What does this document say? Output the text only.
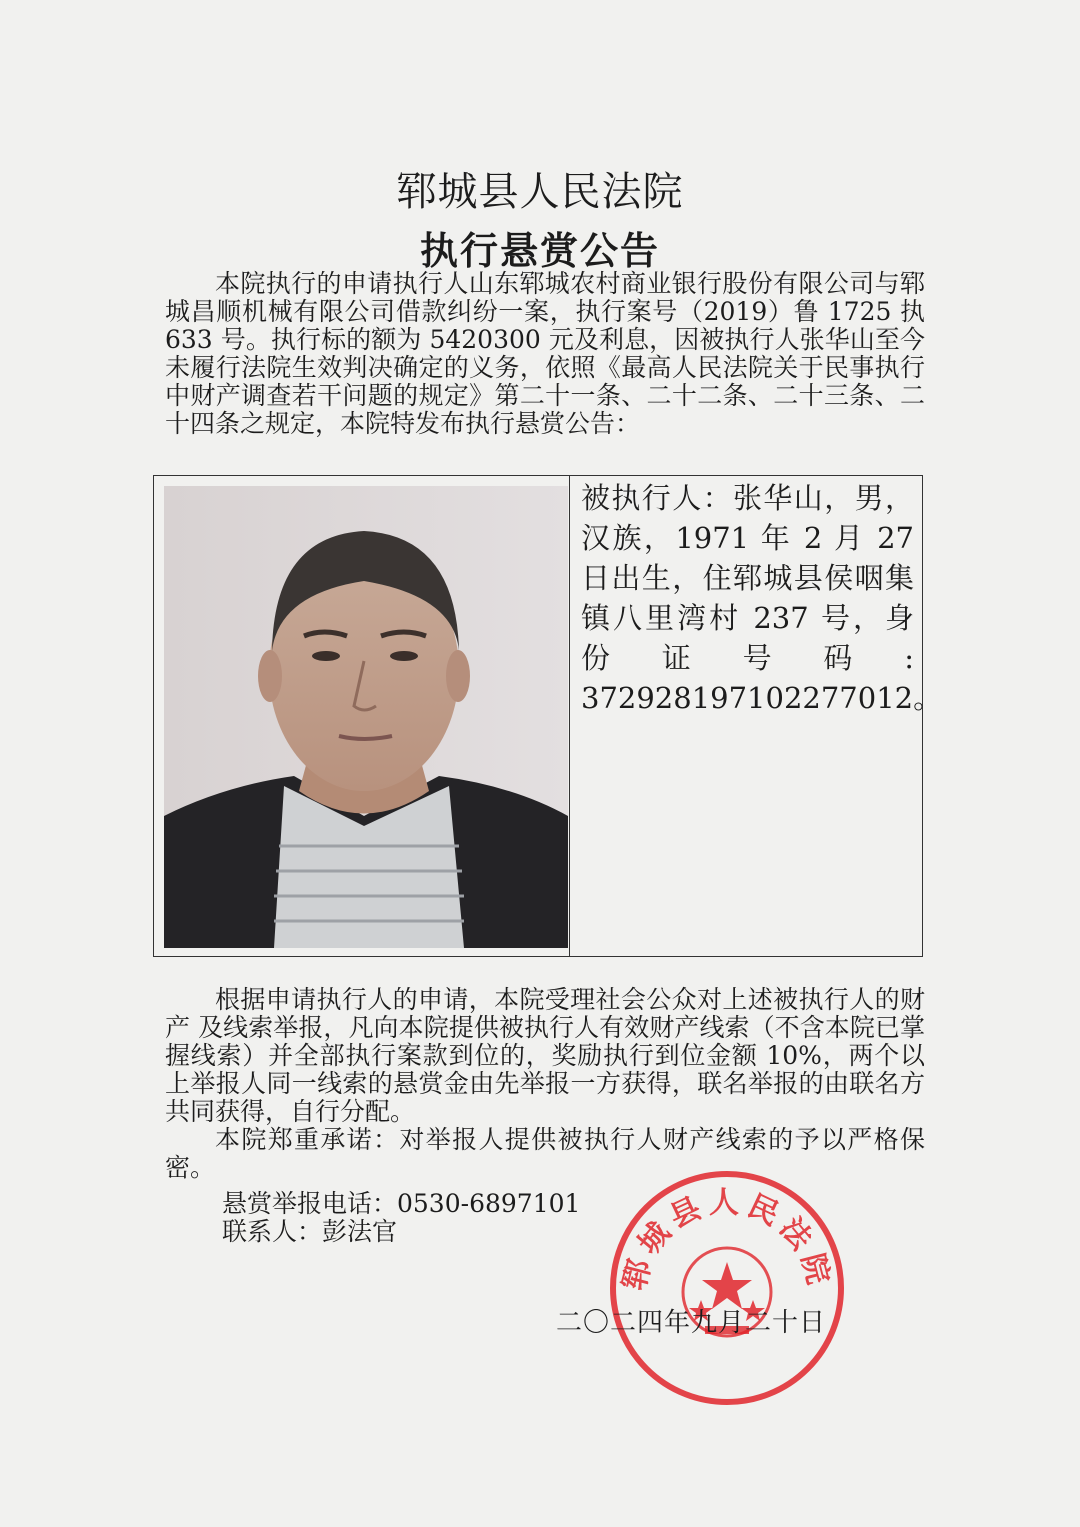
郓城县人民法院
执行悬赏公告

本院执行的申请执行人山东郓城农村商业银行股份有限公司与郓城昌顺机械有限公司借款纠纷一案，执行案号（2019）鲁 1725 执 633 号。执行标的额为 5420300 元及利息，因被执行人张华山至今未履行法院生效判决确定的义务，依照《最高人民法院关于民事执行中财产调查若干问题的规定》第二十一条、二十二条、二十三条、二十四条之规定，本院特发布执行悬赏公告：

被执行人：张华山，男，汉族，1971 年 2 月 27 日出生，住郓城县侯咽集镇八里湾村 237 号，身份证号码: 372928197102277012。

根据申请执行人的申请，本院受理社会公众对上述被执行人的财产 及线索举报，凡向本院提供被执行人有效财产线索（不含本院已掌握线索）并全部执行案款到位的，奖励执行到位金额 10%，两个以上举报人同一线索的悬赏金由先举报一方获得，联名举报的由联名方共同获得，自行分配。

本院郑重承诺：对举报人提供被执行人财产线索的予以严格保密。

悬赏举报电话：0530-6897101
联系人：彭法官
郓城县人民法院
二〇二四年九月二十日
